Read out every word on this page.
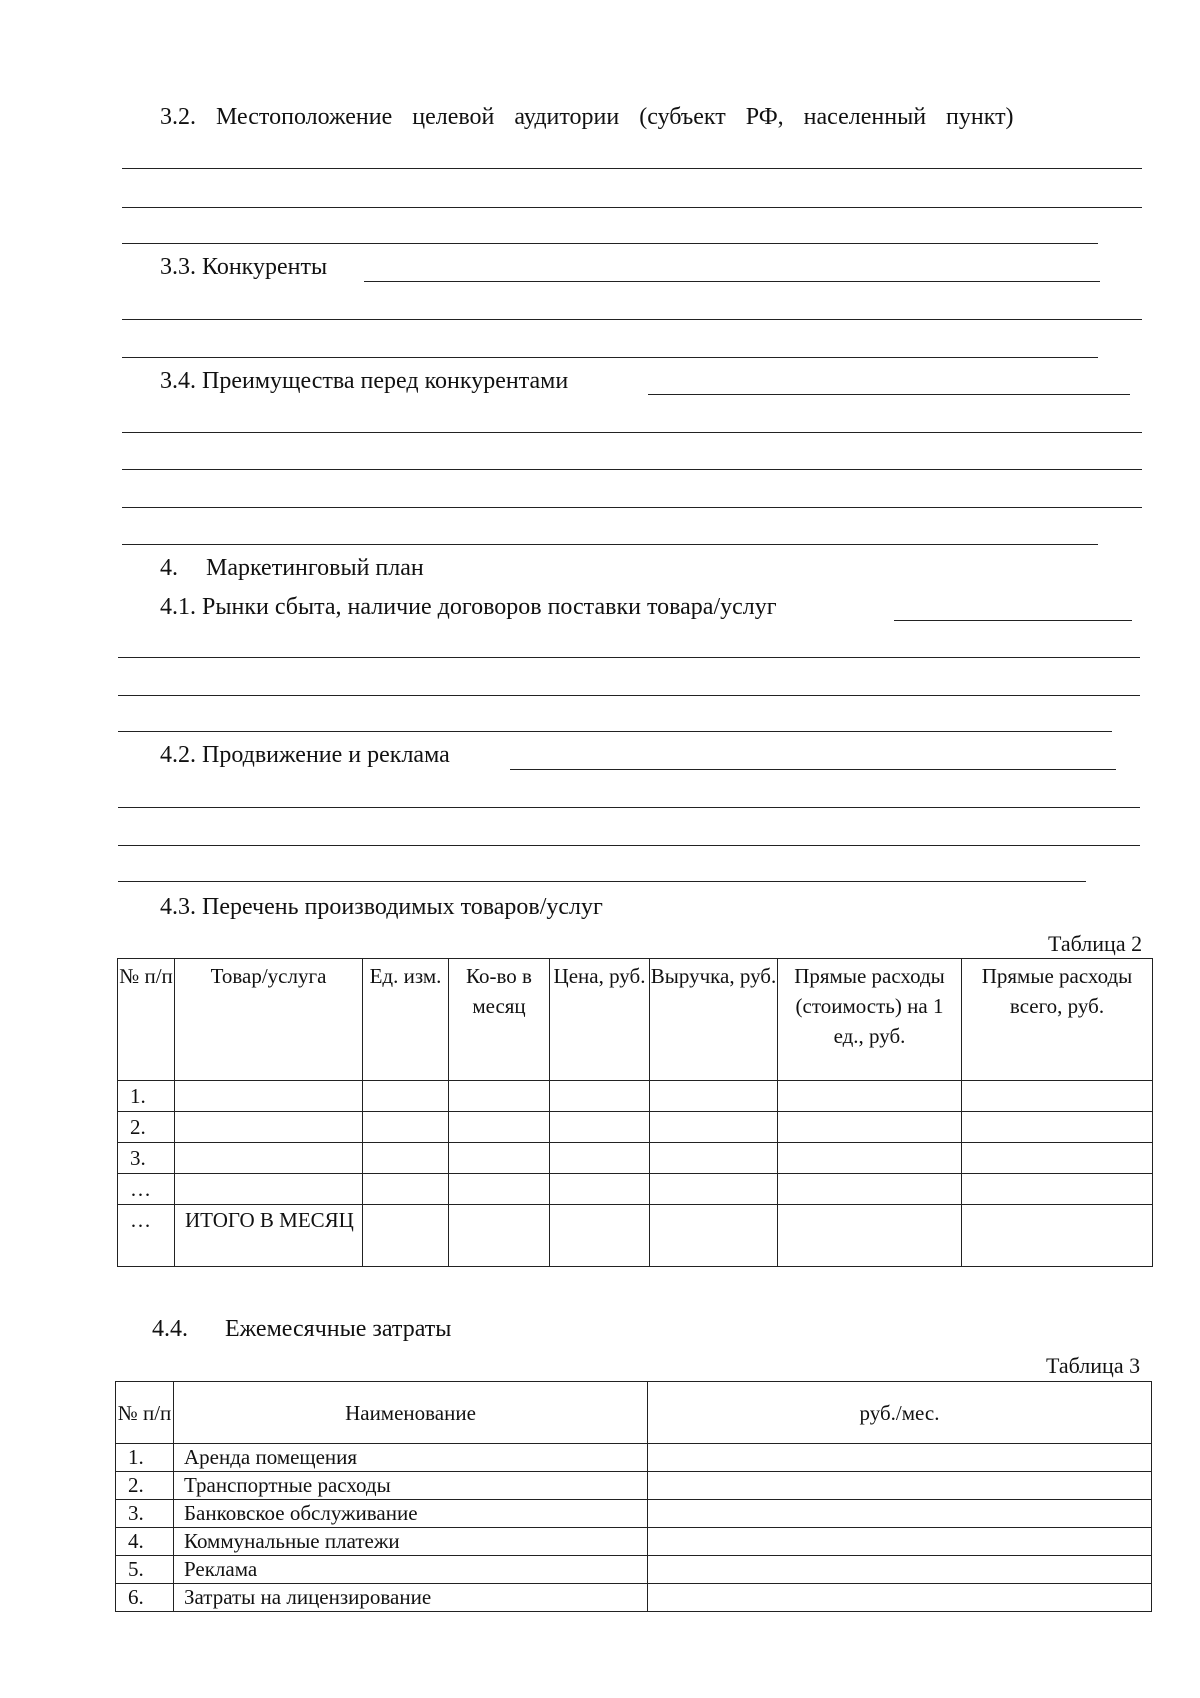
3.2. Местоположение целевой аудитории (субъект РФ, населенный пункт)
3.3. Конкуренты
3.4. Преимущества перед конкурентами
4. Маркетинговый план
4.1. Рынки сбыта, наличие договоров поставки товара/услуг
4.2. Продвижение и реклама
4.3. Перечень производимых товаров/услуг
Таблица 2
№ п/п	Товар/услуга	Ед. изм.	Ко-во в месяц	Цена, руб.	Выручка, руб.	Прямые расходы (стоимость) на 1 ед., руб.	Прямые расходы всего, руб.
1.							
2.							
3.							
…							
…	ИТОГО В МЕСЯЦ						
4.4. Ежемесячные затраты
Таблица 3
№ п/п	Наименование	руб./мес.
1.	Аренда помещения	
2.	Транспортные расходы	
3.	Банковское обслуживание	
4.	Коммунальные платежи	
5.	Реклама	
6.	Затраты на лицензирование	
